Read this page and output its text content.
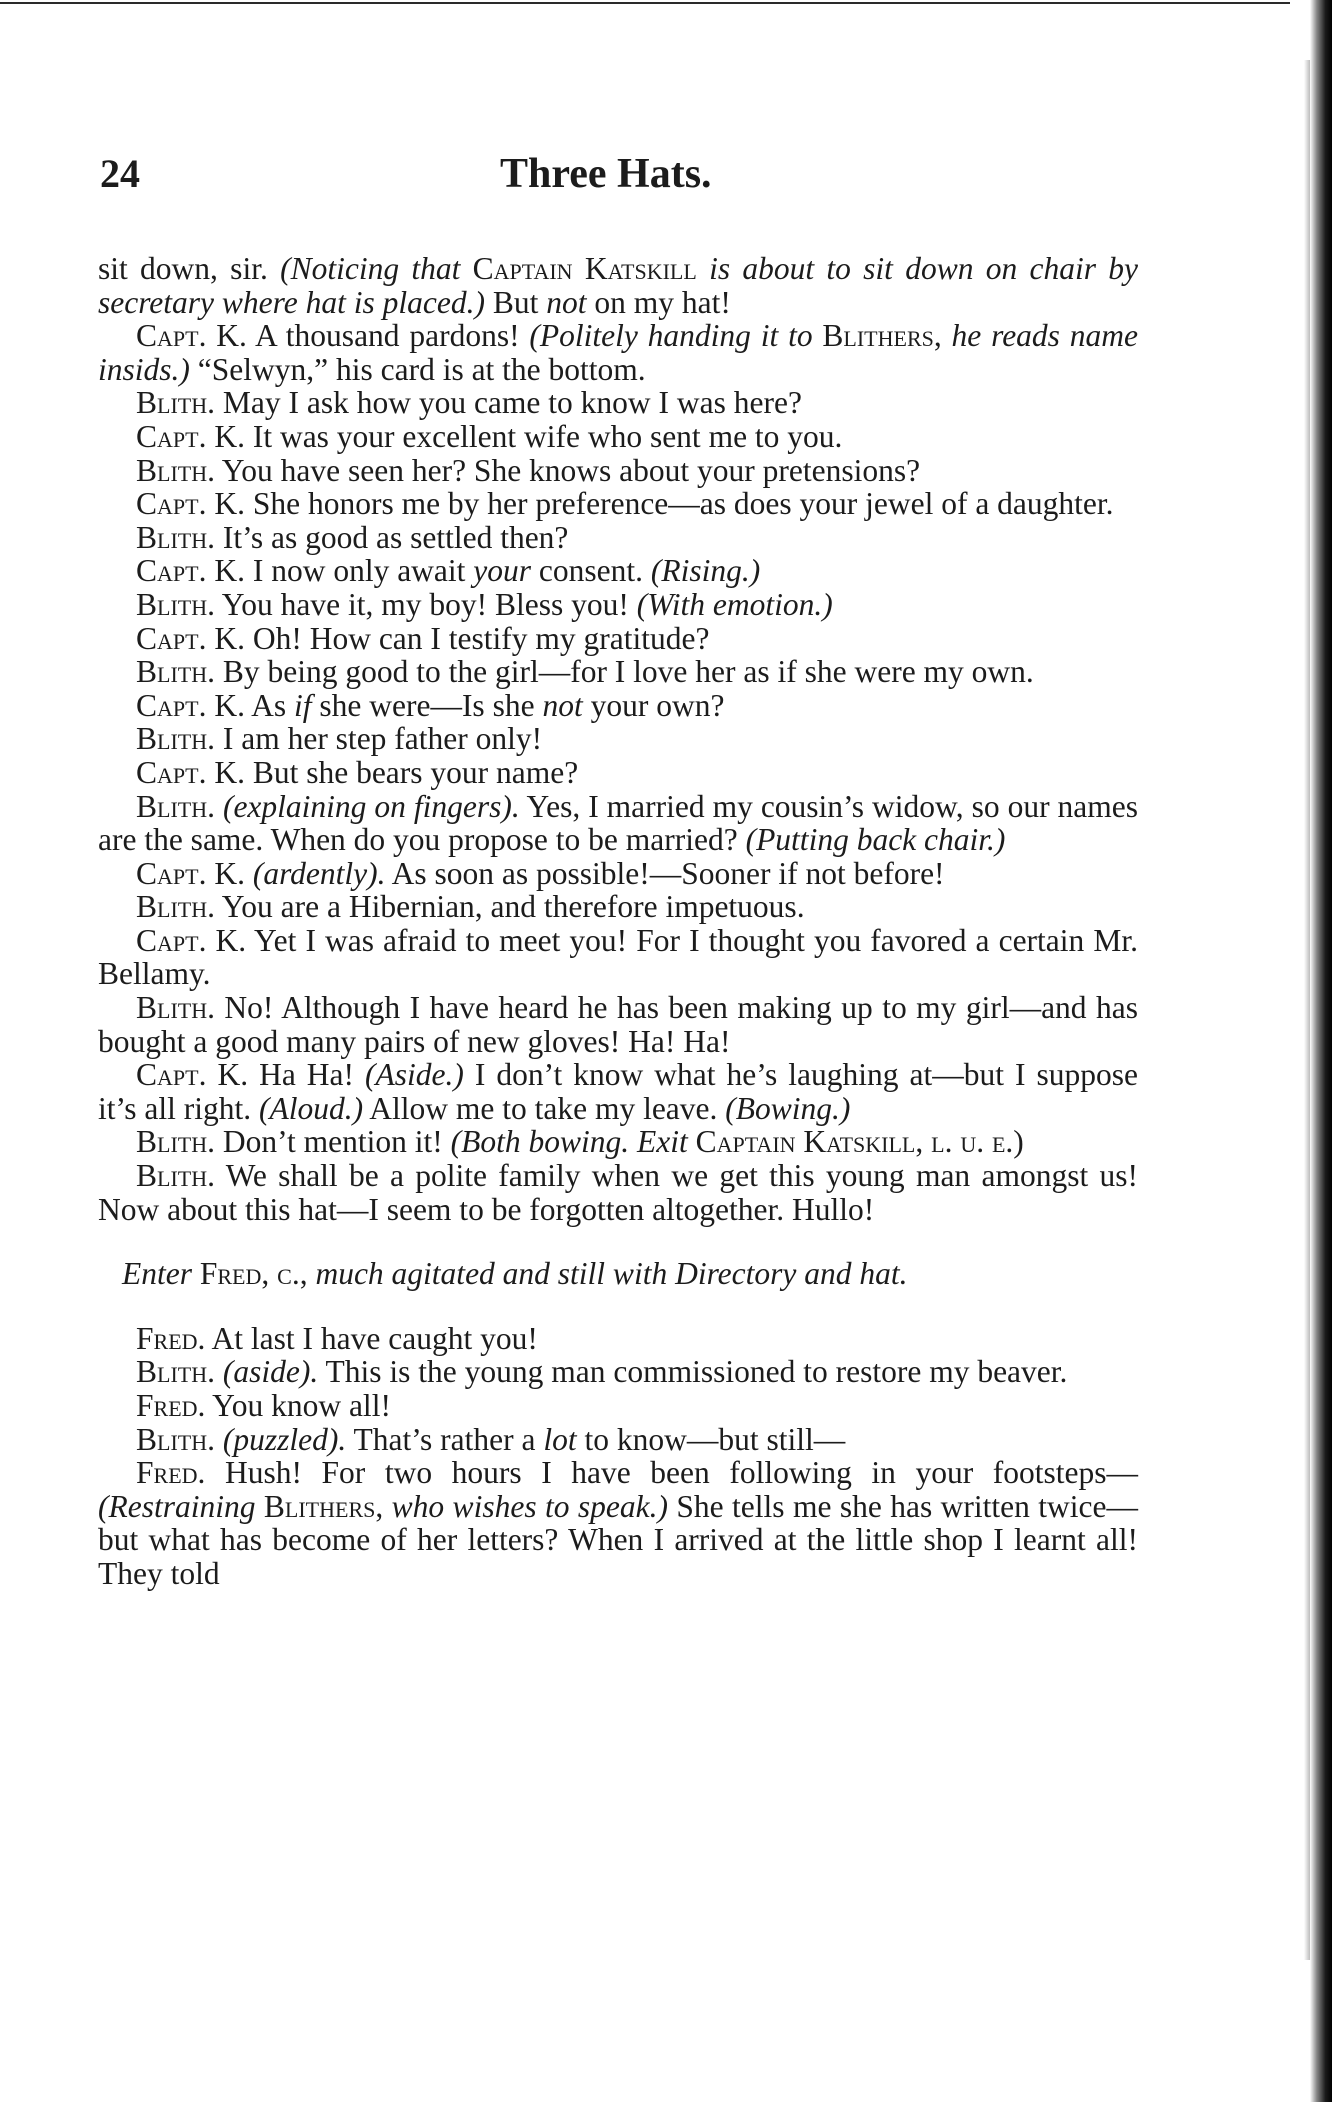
24	Three Hats.

sit down, sir. (Noticing that Captain Katskill is about to sit down on chair by secretary where hat is placed.) But not on my hat!

Capt. K. A thousand pardons! (Politely handing it to Blithers, he reads name insids.) “Selwyn,” his card is at the bottom.

Blith. May I ask how you came to know I was here?

Capt. K. It was your excellent wife who sent me to you.

Blith. You have seen her? She knows about your pretensions?

Capt. K. She honors me by her preference—as does your jewel of a daughter.

Blith. It’s as good as settled then?

Capt. K. I now only await your consent. (Rising.)

Blith. You have it, my boy! Bless you! (With emotion.)

Capt. K. Oh! How can I testify my gratitude?

Blith. By being good to the girl—for I love her as if she were my own.

Capt. K. As if she were—Is she not your own?

Blith. I am her step father only!

Capt. K. But she bears your name?

Blith. (explaining on fingers). Yes, I married my cousin’s widow, so our names are the same. When do you propose to be married? (Putting back chair.)

Capt. K. (ardently). As soon as possible!—Sooner if not before!

Blith. You are a Hibernian, and therefore impetuous.

Capt. K. Yet I was afraid to meet you! For I thought you favored a certain Mr. Bellamy.

Blith. No! Although I have heard he has been making up to my girl—and has bought a good many pairs of new gloves! Ha! Ha!

Capt. K. Ha Ha! (Aside.) I don’t know what he’s laughing at—but I suppose it’s all right. (Aloud.) Allow me to take my leave. (Bowing.)

Blith. Don’t mention it! (Both bowing. Exit Captain Katskill, l. u. e.)

Blith. We shall be a polite family when we get this young man amongst us! Now about this hat—I seem to be forgotten altogether. Hullo!

Enter Fred, c., much agitated and still with Directory and hat.

Fred. At last I have caught you!

Blith. (aside). This is the young man commissioned to restore my beaver.

Fred. You know all!

Blith. (puzzled). That’s rather a lot to know—but still—

Fred. Hush! For two hours I have been following in your footsteps—(Restraining Blithers, who wishes to speak.) She tells me she has written twice—but what has become of her letters? When I arrived at the little shop I learnt all! They told
